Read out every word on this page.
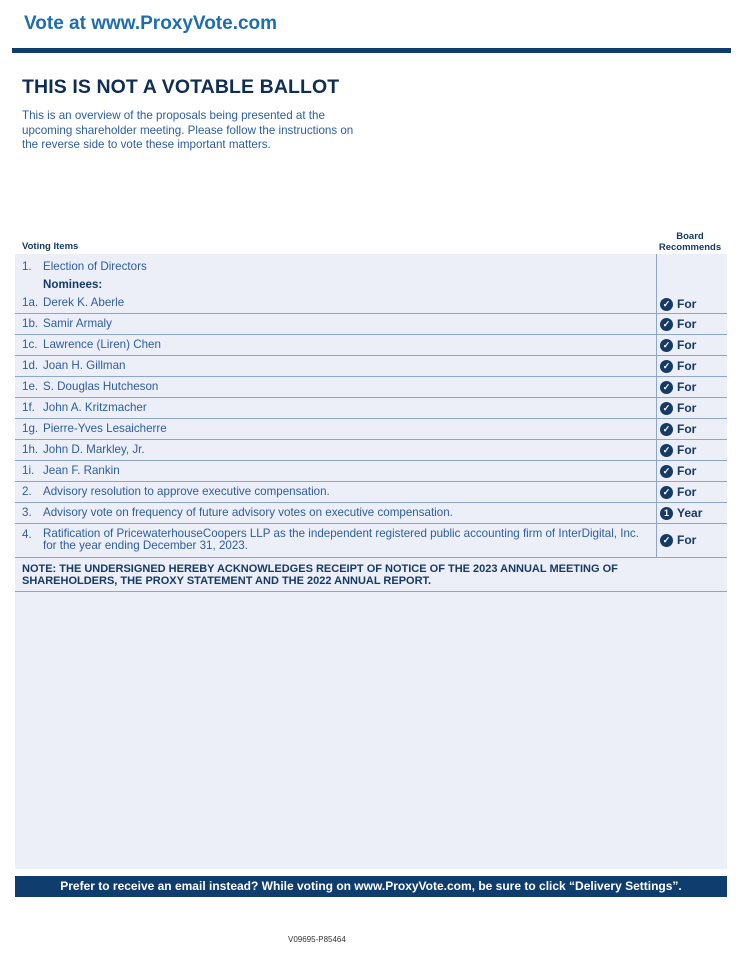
Vote at www.ProxyVote.com
THIS IS NOT A VOTABLE BALLOT
This is an overview of the proposals being presented at the upcoming shareholder meeting. Please follow the instructions on the reverse side to vote these important matters.
Voting Items
Board
Recommends
1. Election of Directors
Nominees:
1a. Derek K. Aberle	✓ For
1b. Samir Armaly	✓ For
1c. Lawrence (Liren) Chen	✓ For
1d. Joan H. Gillman	✓ For
1e. S. Douglas Hutcheson	✓ For
1f. John A. Kritzmacher	✓ For
1g. Pierre-Yves Lesaicherre	✓ For
1h. John D. Markley, Jr.	✓ For
1i. Jean F. Rankin	✓ For
2. Advisory resolution to approve executive compensation.	✓ For
3. Advisory vote on frequency of future advisory votes on executive compensation.	1 Year
4. Ratification of PricewaterhouseCoopers LLP as the independent registered public accounting firm of InterDigital, Inc. for the year ending December 31, 2023.	✓ For
NOTE: THE UNDERSIGNED HEREBY ACKNOWLEDGES RECEIPT OF NOTICE OF THE 2023 ANNUAL MEETING OF SHAREHOLDERS, THE PROXY STATEMENT AND THE 2022 ANNUAL REPORT.
Prefer to receive an email instead? While voting on www.ProxyVote.com, be sure to click “Delivery Settings”.
V09695-P85464
